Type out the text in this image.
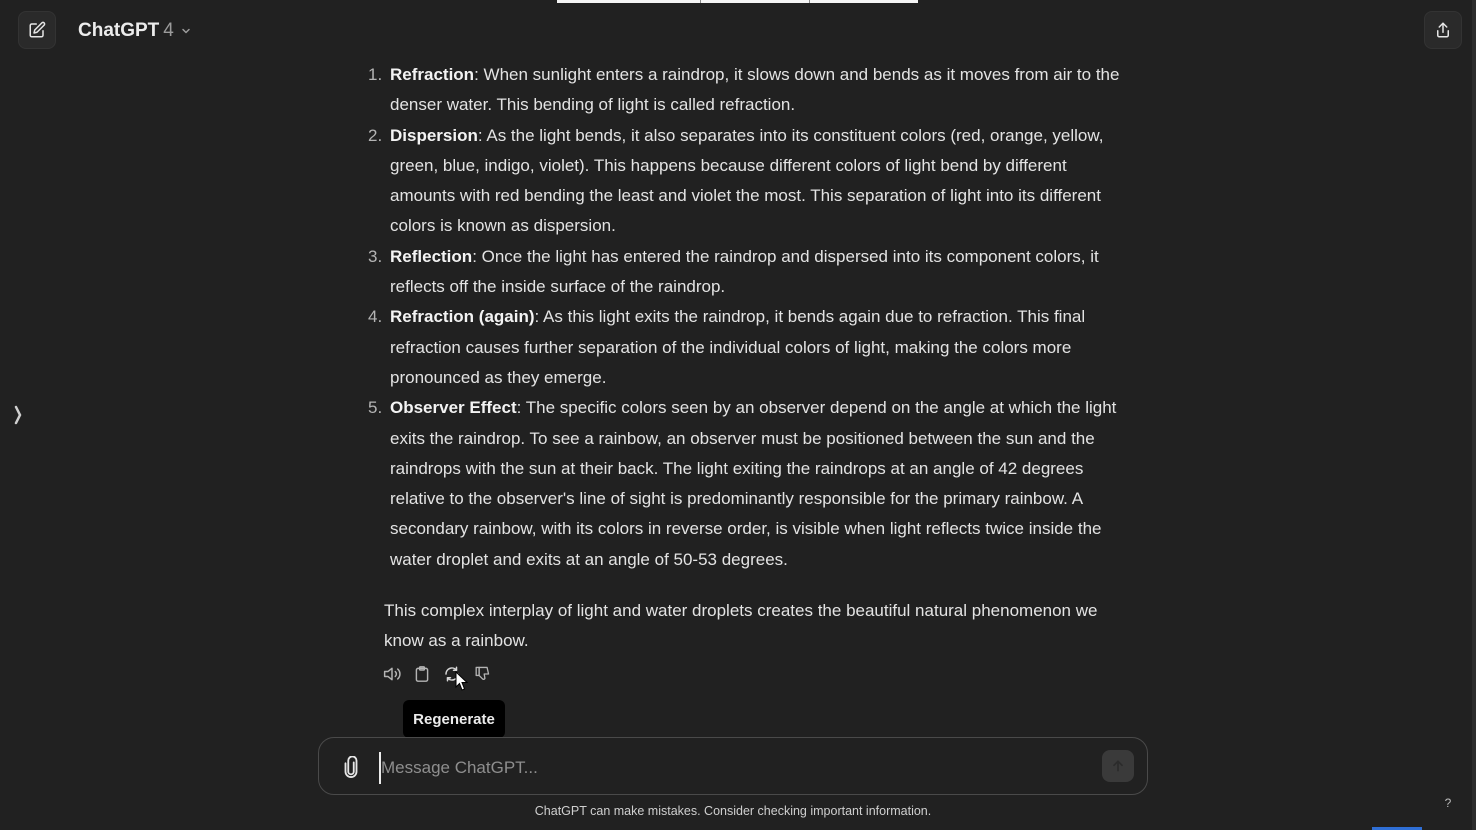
ChatGPT 4
1. Refraction: When sunlight enters a raindrop, it slows down and bends as it moves from air to the denser water. This bending of light is called refraction.
2. Dispersion: As the light bends, it also separates into its constituent colors (red, orange, yellow, green, blue, indigo, violet). This happens because different colors of light bend by different amounts with red bending the least and violet the most. This separation of light into its different colors is known as dispersion.
3. Reflection: Once the light has entered the raindrop and dispersed into its component colors, it reflects off the inside surface of the raindrop.
4. Refraction (again): As this light exits the raindrop, it bends again due to refraction. This final refraction causes further separation of the individual colors of light, making the colors more pronounced as they emerge.
5. Observer Effect: The specific colors seen by an observer depend on the angle at which the light exits the raindrop. To see a rainbow, an observer must be positioned between the sun and the raindrops with the sun at their back. The light exiting the raindrops at an angle of 42 degrees relative to the observer's line of sight is predominantly responsible for the primary rainbow. A secondary rainbow, with its colors in reverse order, is visible when light reflects twice inside the water droplet and exits at an angle of 50-53 degrees.

This complex interplay of light and water droplets creates the beautiful natural phenomenon we know as a rainbow.

Regenerate
Message ChatGPT...
ChatGPT can make mistakes. Consider checking important information.
?
